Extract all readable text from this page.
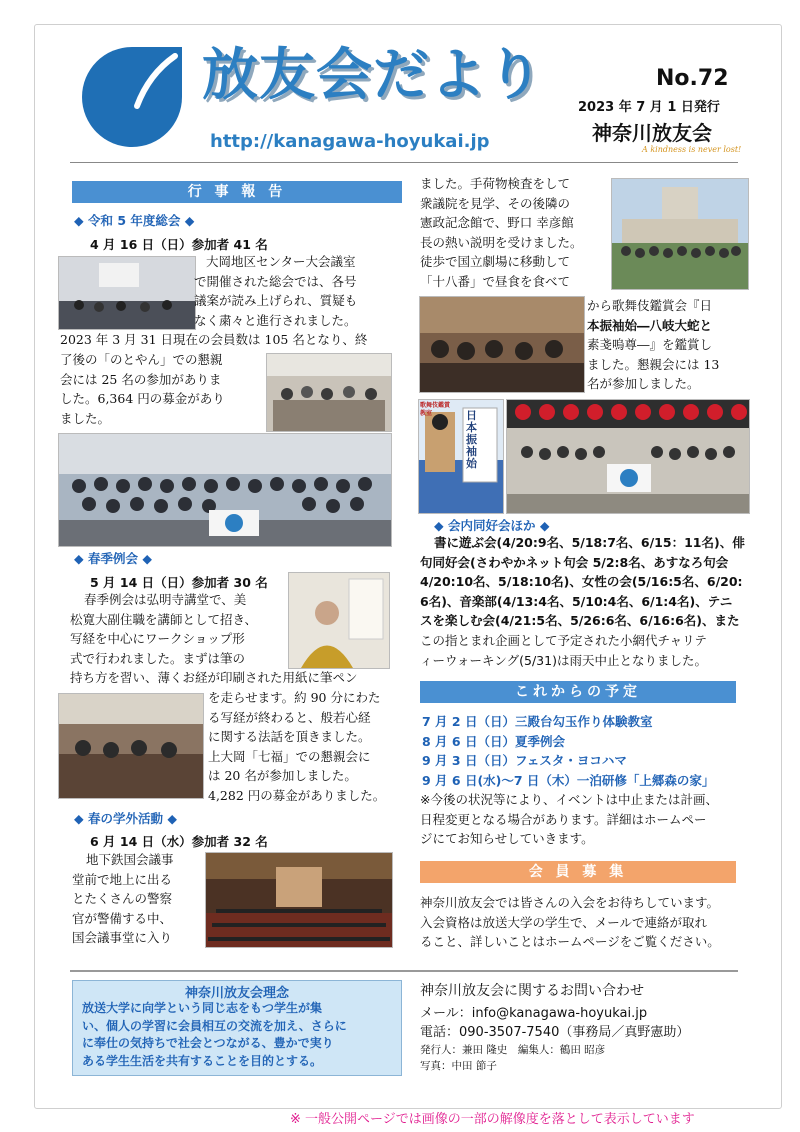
放友会だより
http://kanagawa-hoyukai.jp
No.72
2023 年 7 月 1 日発行
神奈川放友会
A kindness is never lost!
行 事 報 告
◆ 令和 5 年度総会 ◆
4 月 16 日（日）参加者 41 名
大岡地区センター大会議室
で開催された総会では、各号
議案が読み上げられ、質疑も
なく粛々と進行されました。
2023 年 3 月 31 日現在の会員数は 105 名となり、終
了後の「のとやん」での懇親
会には 25 名の参加がありま
した。6,364 円の募金があり
ました。
◆ 春季例会 ◆
5 月 14 日（日）参加者 30 名
春季例会は弘明寺講堂で、美
松寛大副住職を講師として招き、
写経を中心にワークショップ形
式で行われました。まずは筆の
持ち方を習い、薄くお経が印刷された用紙に筆ペン
を走らせます。約 90 分にわた
る写経が終わると、般若心経
に関する法話を頂きました。
上大岡「七福」での懇親会に
は 20 名が参加しました。
4,282 円の募金がありました。
◆ 春の学外活動 ◆
6 月 14 日（水）参加者 32 名
地下鉄国会議事
堂前で地上に出る
とたくさんの警察
官が警備する中、
国会議事堂に入り
ました。手荷物検査をして
衆議院を見学、その後隣の
憲政記念館で、野口 幸彦館
長の熱い説明を受けました。
徒歩で国立劇場に移動して
「十八番」で昼食を食べて
から歌舞伎鑑賞会『日
本振袖始―八岐大蛇と
素戔嗚尊―』を鑑賞し
ました。懇親会には 13
名が参加しました。
歌舞伎鑑賞教室	日本振袖始
◆ 会内同好会ほか ◆
書に遊ぶ会(4/20:9名、5/18:7名、6/15：11名)、俳
句同好会(さわやかネット句会 5/2:8名、あすなろ句会
4/20:10名、5/18:10名)、女性の会(5/16:5名、6/20:
6名)、音楽部(4/13:4名、5/10:4名、6/1:4名)、テニ
スを楽しむ会(4/21:5名、5/26:6名、6/16:6名)、また
この指とまれ企画として予定された小網代チャリテ
ィーウォーキング(5/31)は雨天中止となりました。
これからの予定
7 月 2 日（日）三殿台勾玉作り体験教室
8 月 6 日（日）夏季例会
9 月 3 日（日）フェスタ・ヨコハマ
9 月 6 日(水)～7 日（木）一泊研修「上郷森の家」
※今後の状況等により、イベントは中止または計画、
日程変更となる場合があります。詳細はホームペー
ジにてお知らせしていきます。
会 員 募 集
神奈川放友会では皆さんの入会をお待ちしています。
入会資格は放送大学の学生で、メールで連絡が取れ
ること、詳しいことはホームページをご覧ください。
神奈川放友会理念
放送大学に向学という同じ志をもつ学生が集
い、個人の学習に会員相互の交流を加え、さらに
に奉仕の気持ちで社会とつながる、豊かで実り
ある学生生活を共有することを目的とする。
神奈川放友会に関するお問い合わせ
メール：info@kanagawa-hoyukai.jp
電話：090-3507-7540（事務局／真野憲助）
発行人：兼田 隆史　編集人：鶴田 昭彦
写真：中田 節子
※ 一般公開ページでは画像の一部の解像度を落として表示しています
